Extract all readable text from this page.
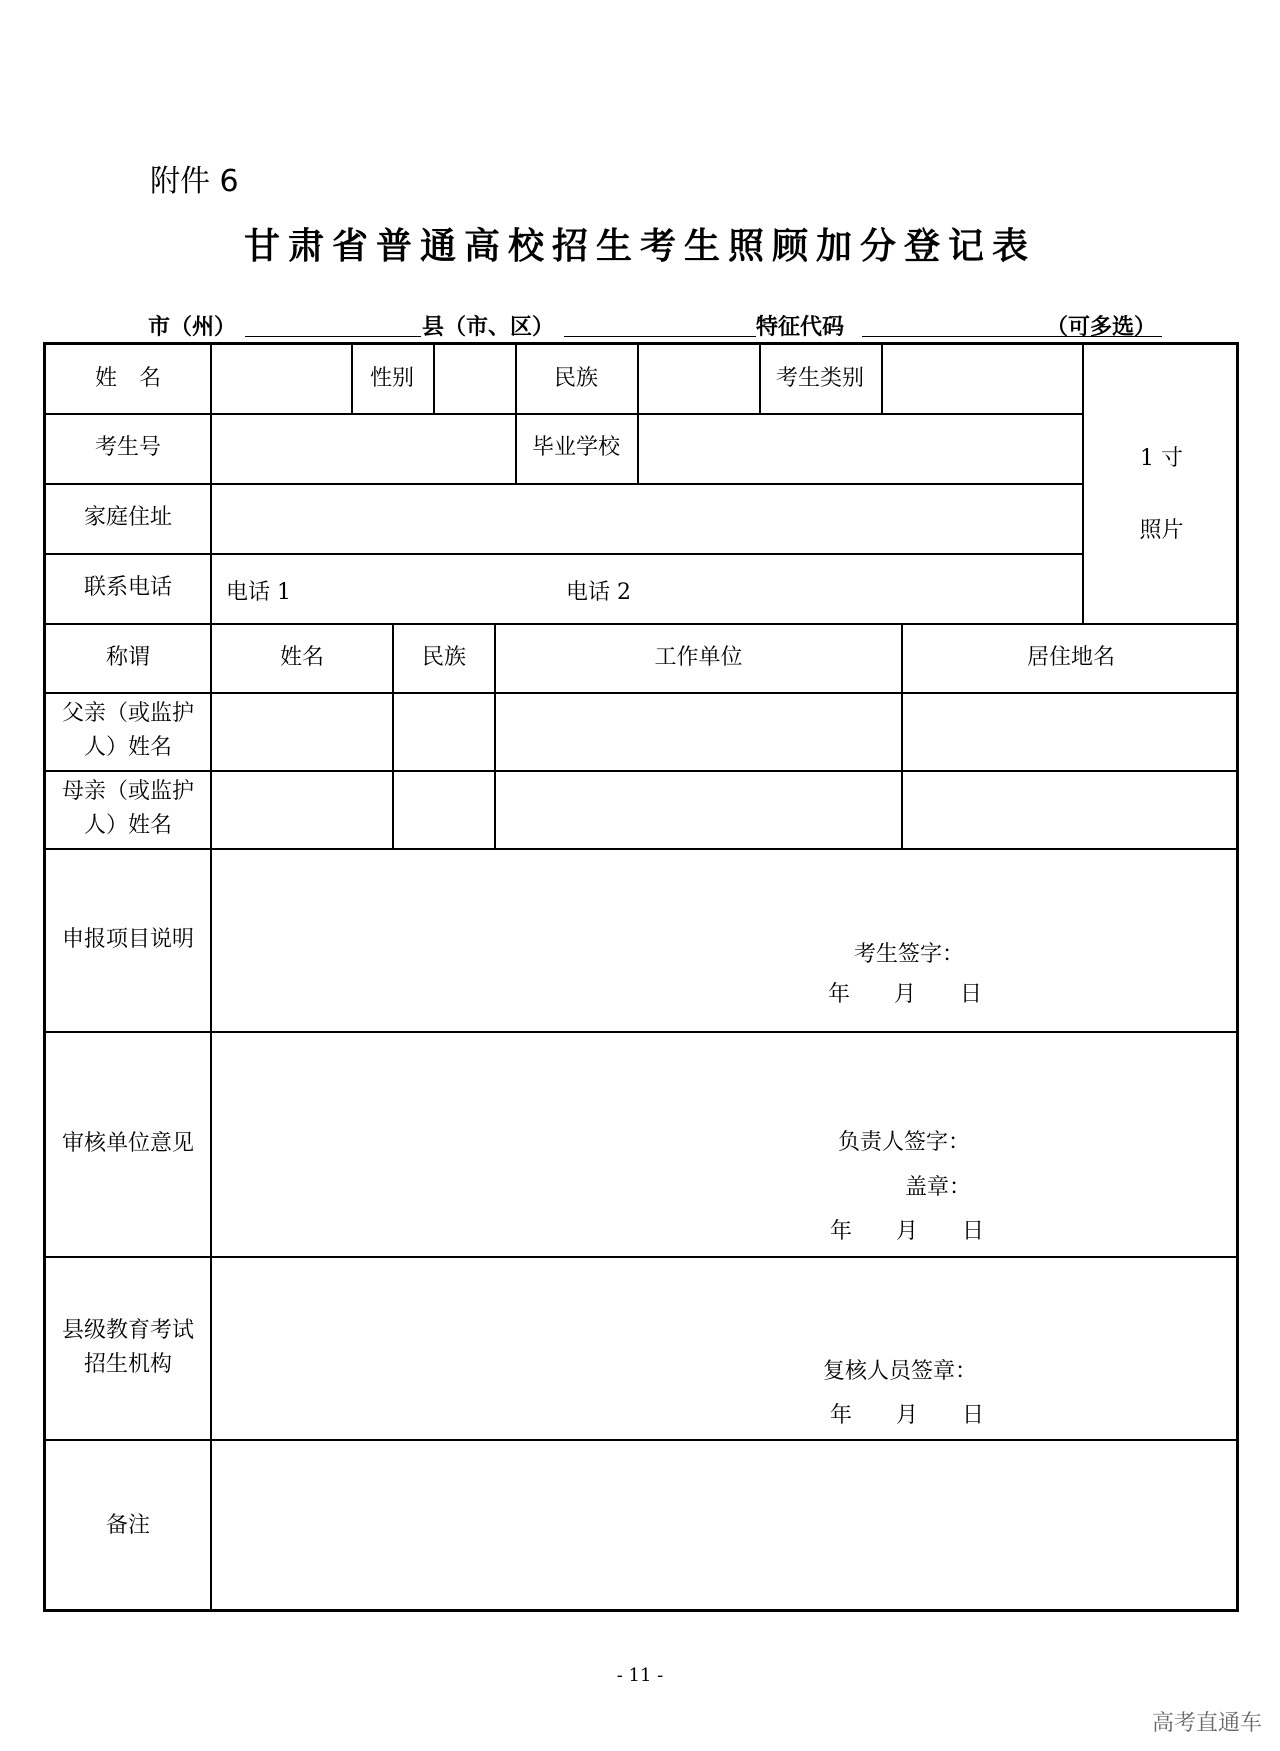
附件 6
甘肃省普通高校招生考生照顾加分登记表
市（州）	县（市、区）	特征代码	（可多选）
姓　名	性别	民族	考生类别
考生号	毕业学校
家庭住址
联系电话	电话 1	电话 2
1 寸
照片
称谓	姓名	民族	工作单位	居住地名
父亲（或监护人）姓名
母亲（或监护人）姓名
申报项目说明
考生签字：
年　　月　　日
审核单位意见	负责人签字：
盖章：
年　　月　　日
县级教育考试招生机构	复核人员签章：
年　　月　　日
备注
- 11 -
高考直通车
